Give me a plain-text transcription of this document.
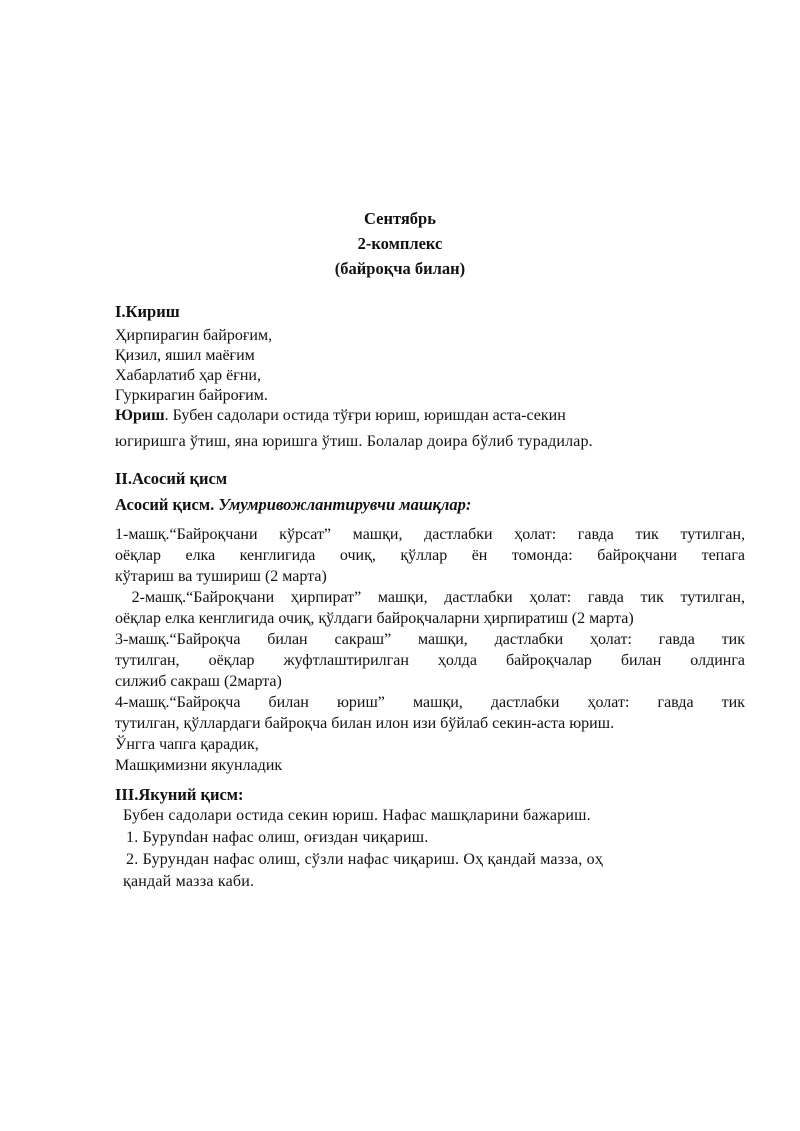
Сентябрь
2-комплекс
(байроқча билан)
I.Кириш
Ҳирпирагин байроғим,
Қизил, яшил маёғим
Хабарлатиб ҳар ёғни,
Гуркирагин байроғим.
Юриш. Бубен садолари остида тўғри юриш, юришдан аста-секин
югиришга ўтиш, яна юришга ўтиш. Болалар доира бўлиб турадилар.
II.Асосий қисм
Асосий қисм. Умумривожлантирувчи машқлар:
1-машқ.“Байроқчани кўрсат” машқи, дастлабки ҳолат: гавда тик тутилган,
оёқлар елка кенглигида очиқ, қўллар ён томонда: байроқчани тепага
кўтариш ва тушириш (2 марта)
2-машқ.“Байроқчани ҳирпират” машқи, дастлабки ҳолат: гавда тик тутилган,
оёқлар елка кенглигида очиқ, қўлдаги байроқчаларни ҳирпиратиш (2 марта)
3-машқ.“Байроқча билан сакраш” машқи, дастлабки ҳолат: гавда тик
тутилган, оёқлар жуфтлаштирилган ҳолда байроқчалар билан олдинга
силжиб сакраш (2марта)
4-машқ.“Байроқча билан юриш” машқи, дастлабки ҳолат: гавда тик
тутилган, қўллардаги байроқча билан илон изи бўйлаб секин-аста юриш.
Ўнгга чапга қарадик,
Машқимизни якунладик
III.Якуний қисм:
Бубен садолари остида секин юриш. Нафас машқларини бажариш.
1. Буруndан нафас олиш, оғиздан чиқариш.
2. Бурундан нафас олиш, сўзли нафас чиқариш. Оҳ қандай мазза, оҳ
қандай мазза каби.
